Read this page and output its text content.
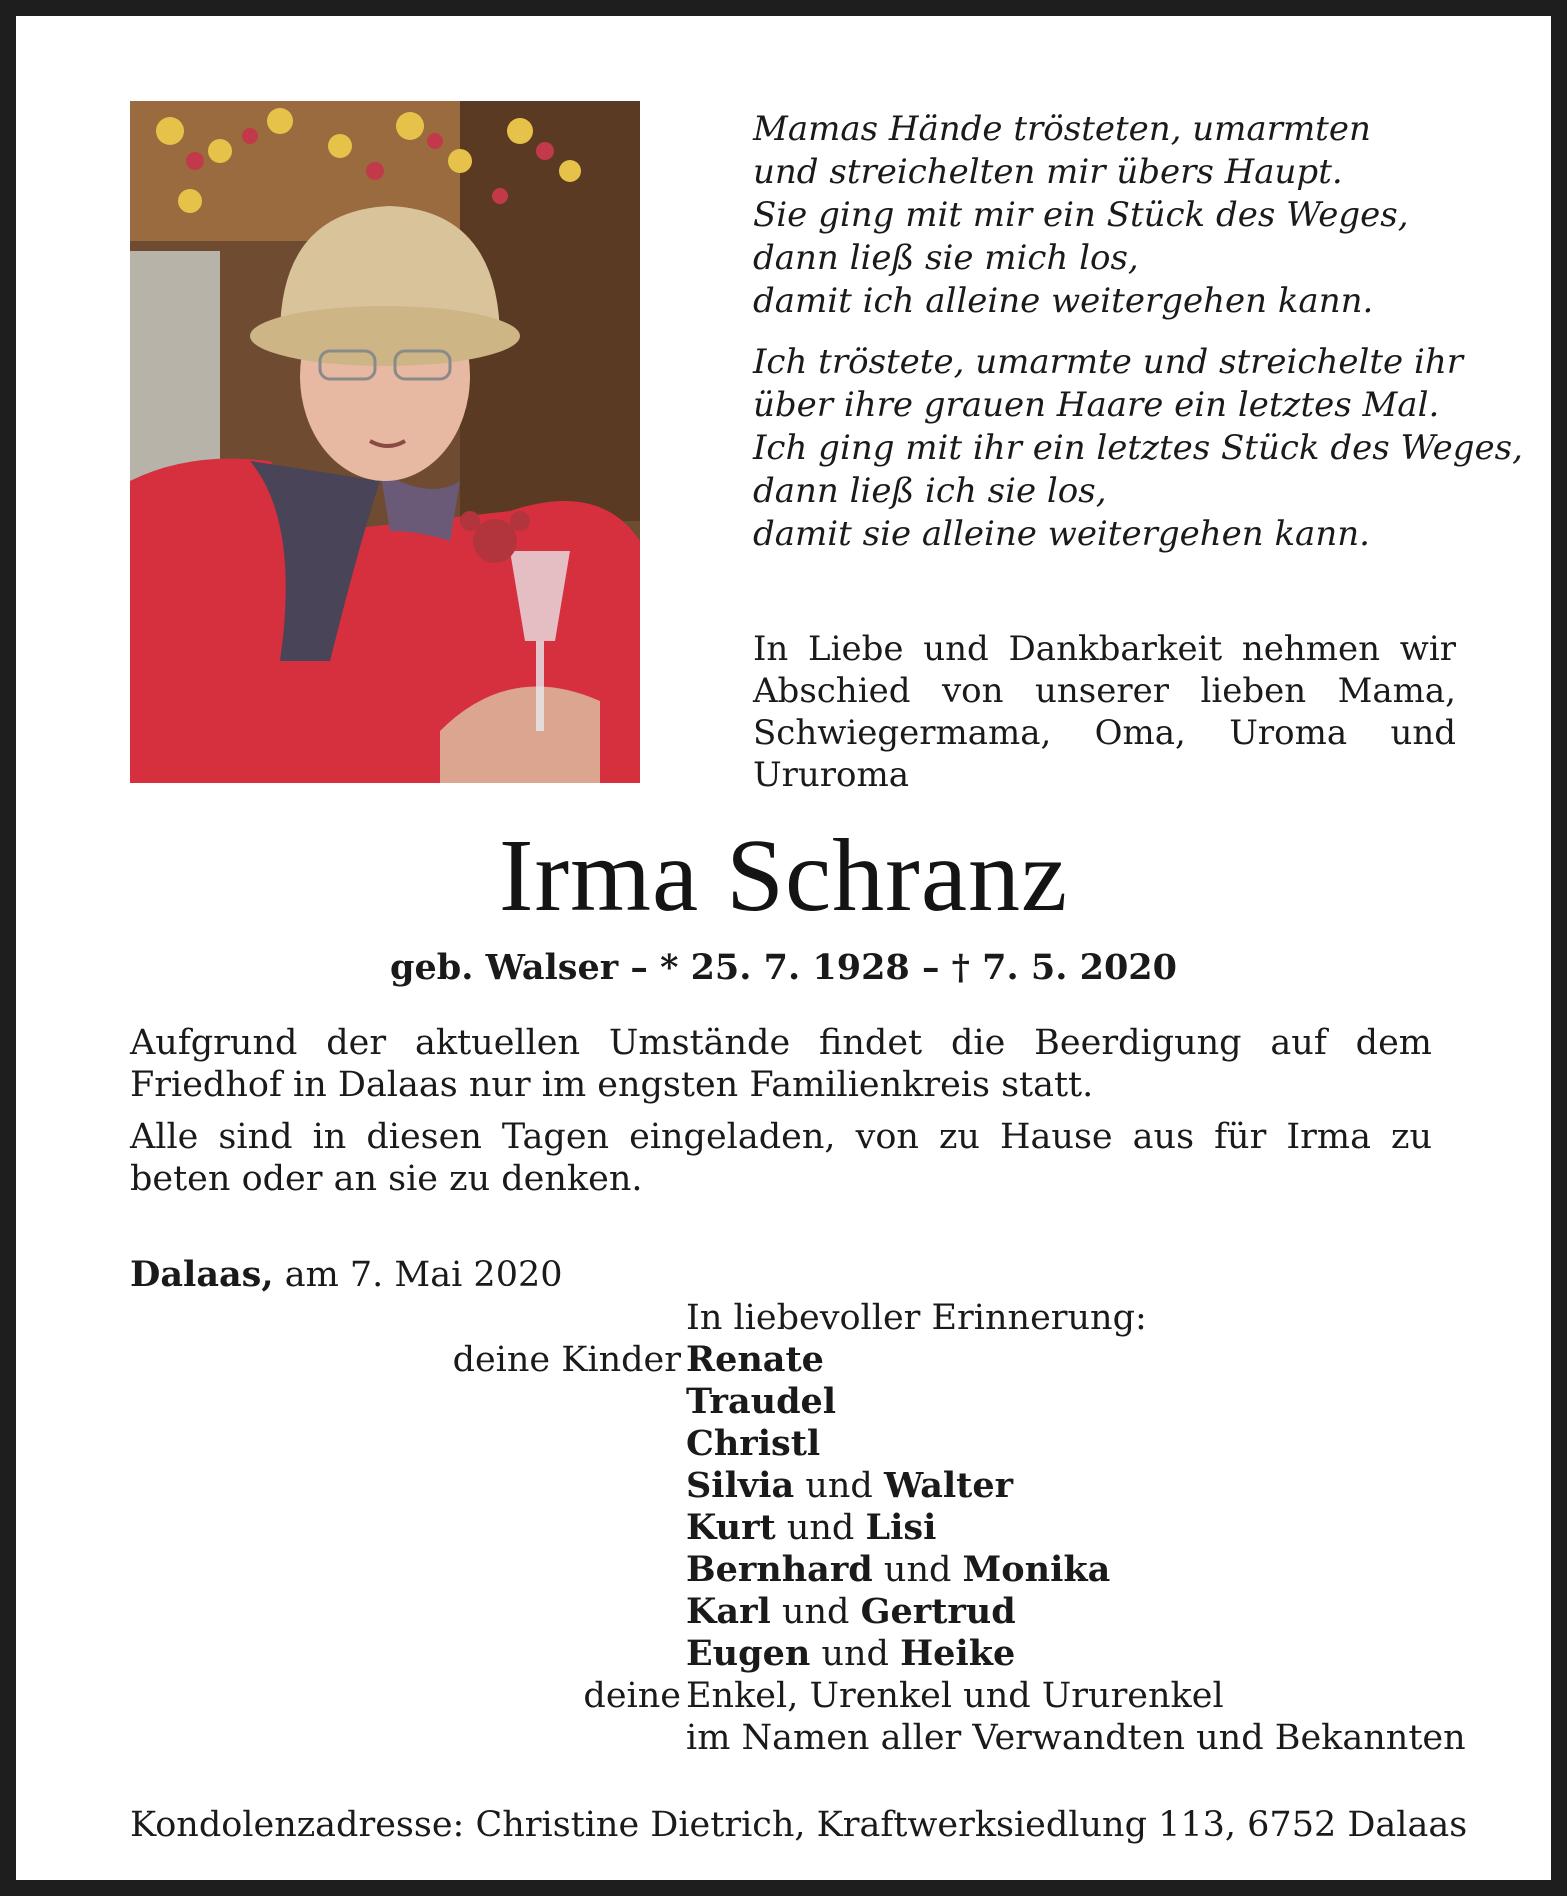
Mamas Hände trösteten, umarmten
und streichelten mir übers Haupt.
Sie ging mit mir ein Stück des Weges,
dann ließ sie mich los,
damit ich alleine weitergehen kann.
Ich tröstete, umarmte und streichelte ihr
über ihre grauen Haare ein letztes Mal.
Ich ging mit ihr ein letztes Stück des Weges,
dann ließ ich sie los,
damit sie alleine weitergehen kann.
In Liebe und Dankbarkeit nehmen wir Abschied von unserer lieben Mama, Schwiegermama, Oma, Uroma und Ururoma
Irma Schranz
geb. Walser – * 25. 7. 1928 – † 7. 5. 2020

Aufgrund der aktuellen Umstände findet die Beerdigung auf dem Friedhof in Dalaas nur im engsten Familienkreis statt.

Alle sind in diesen Tagen eingeladen, von zu Hause aus für Irma zu beten oder an sie zu denken.

Dalaas, am 7. Mai 2020
In liebevoller Erinnerung:
deine Kinder Renate
Traudel
Christl
Silvia und Walter
Kurt und Lisi
Bernhard und Monika
Karl und Gertrud
Eugen und Heike
deine Enkel, Urenkel und Ururenkel
im Namen aller Verwandten und Bekannten
Kondolenzadresse: Christine Dietrich, Kraftwerksiedlung 113, 6752 Dalaas
